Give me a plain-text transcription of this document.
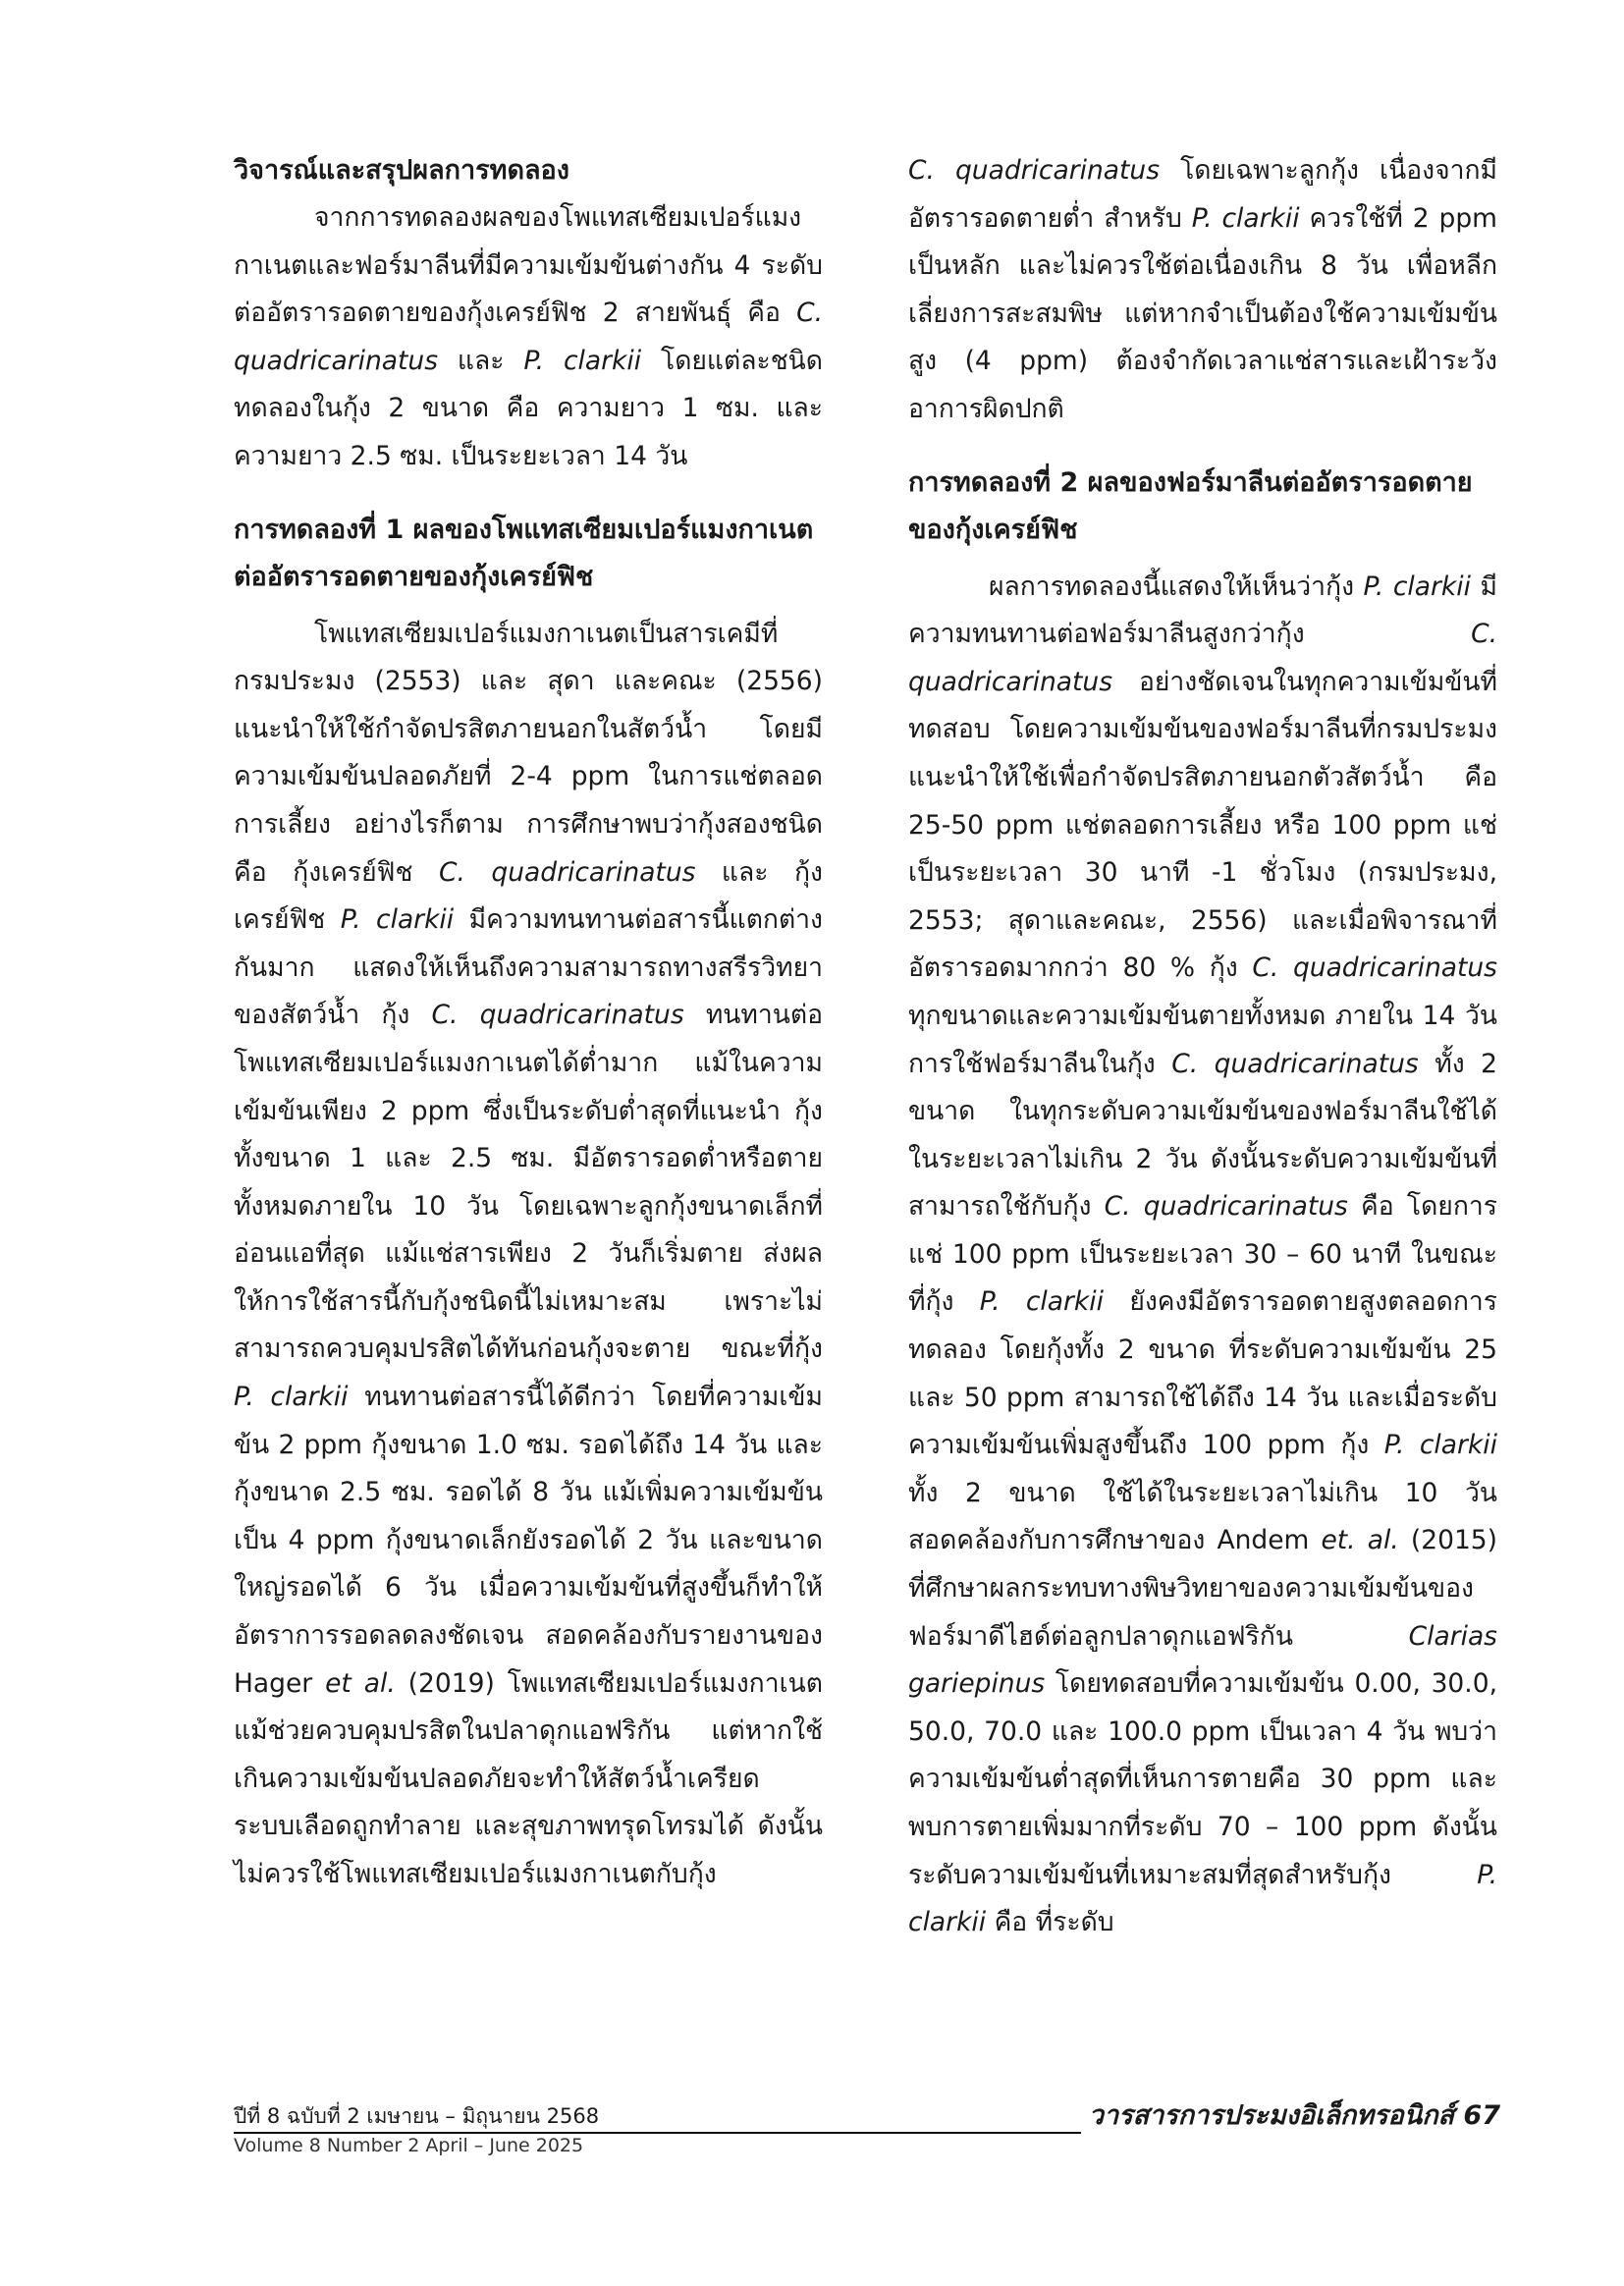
วิจารณ์และสรุปผลการทดลอง

จากการทดลองผลของโพแทสเซียมเปอร์แมงกาเนตและฟอร์มาลีนที่มีความเข้มข้นต่างกัน 4 ระดับ ต่ออัตรารอดตายของกุ้งเครย์ฟิช 2 สายพันธุ์ คือ C. quadricarinatus และ P. clarkii โดยแต่ละชนิดทดลองในกุ้ง 2 ขนาด คือ ความยาว 1 ซม. และ ความยาว 2.5 ซม. เป็นระยะเวลา 14 วัน

การทดลองที่ 1 ผลของโพแทสเซียมเปอร์แมงกาเนตต่ออัตรารอดตายของกุ้งเครย์ฟิช

โพแทสเซียมเปอร์แมงกาเนตเป็นสารเคมีที่กรมประมง (2553) และ สุดา และคณะ (2556) แนะนำให้ใช้กำจัดปรสิตภายนอกในสัตว์น้ำ โดยมีความเข้มข้นปลอดภัยที่ 2-4 ppm ในการแช่ตลอดการเลี้ยง อย่างไรก็ตาม การศึกษาพบว่ากุ้งสองชนิด คือ กุ้งเครย์ฟิช C. quadricarinatus และ กุ้งเครย์ฟิช P. clarkii มีความทนทานต่อสารนี้แตกต่างกันมาก แสดงให้เห็นถึงความสามารถทางสรีรวิทยาของสัตว์น้ำ กุ้ง C. quadricarinatus ทนทานต่อโพแทสเซียมเปอร์แมงกาเนตได้ต่ำมาก แม้ในความเข้มข้นเพียง 2 ppm ซึ่งเป็นระดับต่ำสุดที่แนะนำ กุ้งทั้งขนาด 1 และ 2.5 ซม. มีอัตรารอดต่ำหรือตายทั้งหมดภายใน 10 วัน โดยเฉพาะลูกกุ้งขนาดเล็กที่อ่อนแอที่สุด แม้แช่สารเพียง 2 วันก็เริ่มตาย ส่งผลให้การใช้สารนี้กับกุ้งชนิดนี้ไม่เหมาะสม เพราะไม่สามารถควบคุมปรสิตได้ทันก่อนกุ้งจะตาย ขณะที่กุ้ง P. clarkii ทนทานต่อสารนี้ได้ดีกว่า โดยที่ความเข้มข้น 2 ppm กุ้งขนาด 1.0 ซม. รอดได้ถึง 14 วัน และกุ้งขนาด 2.5 ซม. รอดได้ 8 วัน แม้เพิ่มความเข้มข้นเป็น 4 ppm กุ้งขนาดเล็กยังรอดได้ 2 วัน และขนาดใหญ่รอดได้ 6 วัน เมื่อความเข้มข้นที่สูงขึ้นก็ทำให้อัตราการรอดลดลงชัดเจน สอดคล้องกับรายงานของ Hager et al. (2019) โพแทสเซียมเปอร์แมงกาเนตแม้ช่วยควบคุมปรสิตในปลาดุกแอฟริกัน แต่หากใช้เกินความเข้มข้นปลอดภัยจะทำให้สัตว์น้ำเครียด ระบบเลือดถูกทำลาย และสุขภาพทรุดโทรมได้ ดังนั้นไม่ควรใช้โพแทสเซียมเปอร์แมงกาเนตกับกุ้ง

C. quadricarinatus โดยเฉพาะลูกกุ้ง เนื่องจากมีอัตรารอดตายต่ำ สำหรับ P. clarkii ควรใช้ที่ 2 ppm เป็นหลัก และไม่ควรใช้ต่อเนื่องเกิน 8 วัน เพื่อหลีกเลี่ยงการสะสมพิษ แต่หากจำเป็นต้องใช้ความเข้มข้นสูง (4 ppm) ต้องจำกัดเวลาแช่สารและเฝ้าระวังอาการผิดปกติ

การทดลองที่ 2 ผลของฟอร์มาลีนต่ออัตรารอดตายของกุ้งเครย์ฟิช

ผลการทดลองนี้แสดงให้เห็นว่ากุ้ง P. clarkii มีความทนทานต่อฟอร์มาลีนสูงกว่ากุ้ง C. quadricarinatus อย่างชัดเจนในทุกความเข้มข้นที่ทดสอบ โดยความเข้มข้นของฟอร์มาลีนที่กรมประมงแนะนำให้ใช้เพื่อกำจัดปรสิตภายนอกตัวสัตว์น้ำ คือ 25-50 ppm แช่ตลอดการเลี้ยง หรือ 100 ppm แช่เป็นระยะเวลา 30 นาที -1 ชั่วโมง (กรมประมง, 2553; สุดาและคณะ, 2556) และเมื่อพิจารณาที่อัตรารอดมากกว่า 80 % กุ้ง C. quadricarinatus ทุกขนาดและความเข้มข้นตายทั้งหมด ภายใน 14 วัน การใช้ฟอร์มาลีนในกุ้ง C. quadricarinatus ทั้ง 2 ขนาด ในทุกระดับความเข้มข้นของฟอร์มาลีนใช้ได้ในระยะเวลาไม่เกิน 2 วัน ดังนั้นระดับความเข้มข้นที่สามารถใช้กับกุ้ง C. quadricarinatus คือ โดยการแช่ 100 ppm เป็นระยะเวลา 30 – 60 นาที ในขณะที่กุ้ง P. clarkii ยังคงมีอัตรารอดตายสูงตลอดการทดลอง โดยกุ้งทั้ง 2 ขนาด ที่ระดับความเข้มข้น 25 และ 50 ppm สามารถใช้ได้ถึง 14 วัน และเมื่อระดับความเข้มข้นเพิ่มสูงขึ้นถึง 100 ppm กุ้ง P. clarkii ทั้ง 2 ขนาด ใช้ได้ในระยะเวลาไม่เกิน 10 วัน สอดคล้องกับการศึกษาของ Andem et. al. (2015) ที่ศึกษาผลกระทบทางพิษวิทยาของความเข้มข้นของฟอร์มาดีไฮด์ต่อลูกปลาดุกแอฟริกัน Clarias gariepinus โดยทดสอบที่ความเข้มข้น 0.00, 30.0, 50.0, 70.0 และ 100.0 ppm เป็นเวลา 4 วัน พบว่า ความเข้มข้นต่ำสุดที่เห็นการตายคือ 30 ppm และพบการตายเพิ่มมากที่ระดับ 70 – 100 ppm ดังนั้นระดับความเข้มข้นที่เหมาะสมที่สุดสำหรับกุ้ง P. clarkii คือ ที่ระดับ

ปีที่ 8 ฉบับที่ 2 เมษายน – มิถุนายน 2568
Volume 8 Number 2 April – June 2025
วารสารการประมงอิเล็กทรอนิกส์ 67
